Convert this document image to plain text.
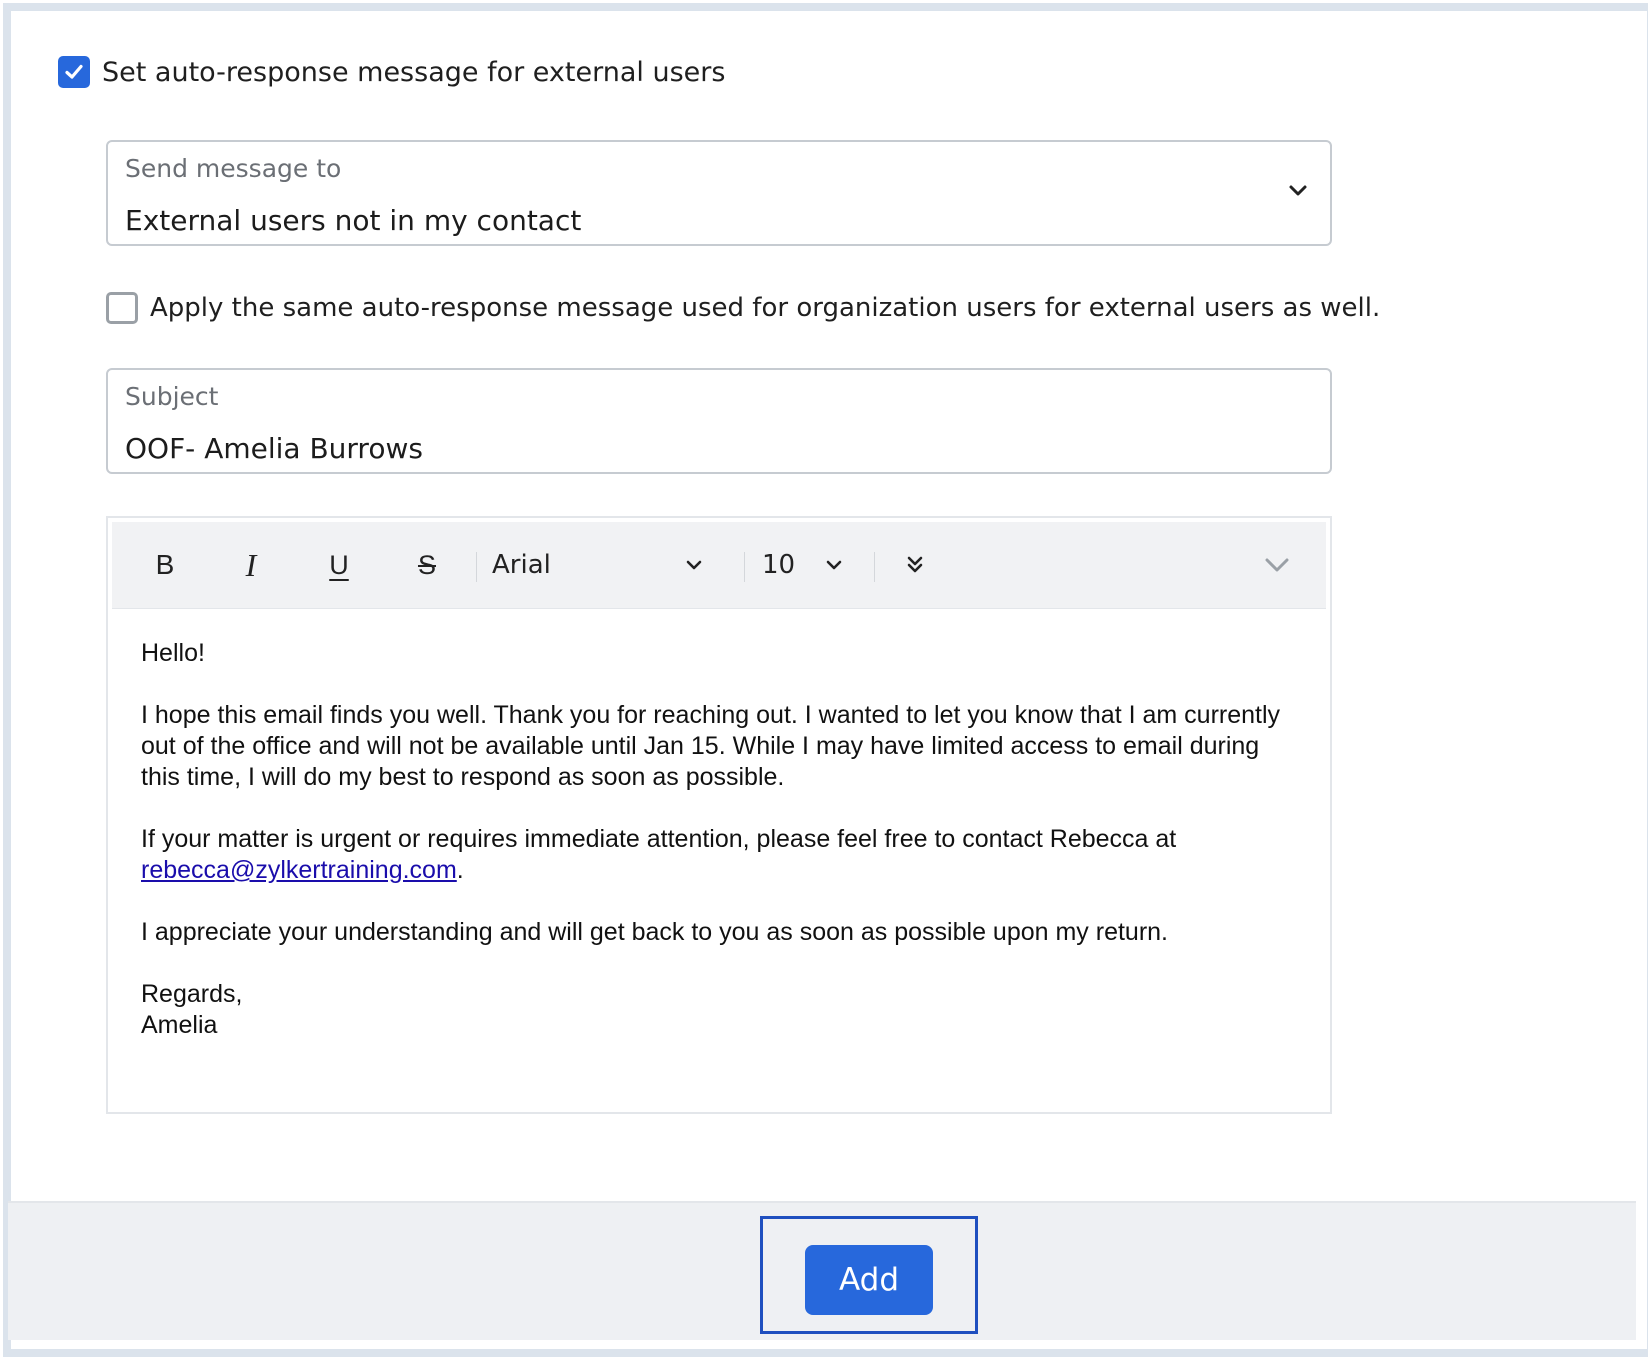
Set auto-response message for external users
Send message to
External users not in my contact
Apply the same auto-response message used for organization users for external users as well.
Subject
OOF- Amelia Burrows
B I	U	S Arial	10

Hello!

I hope this email finds you well. Thank you for reaching out. I wanted to let you know that I am currently out of the office and will not be available until Jan 15. While I may have limited access to email during this time, I will do my best to respond as soon as possible.

If your matter is urgent or requires immediate attention, please feel free to contact Rebecca at rebecca@zylkertraining.com.

I appreciate your understanding and will get back to you as soon as possible upon my return.

Regards,
Amelia
Add
